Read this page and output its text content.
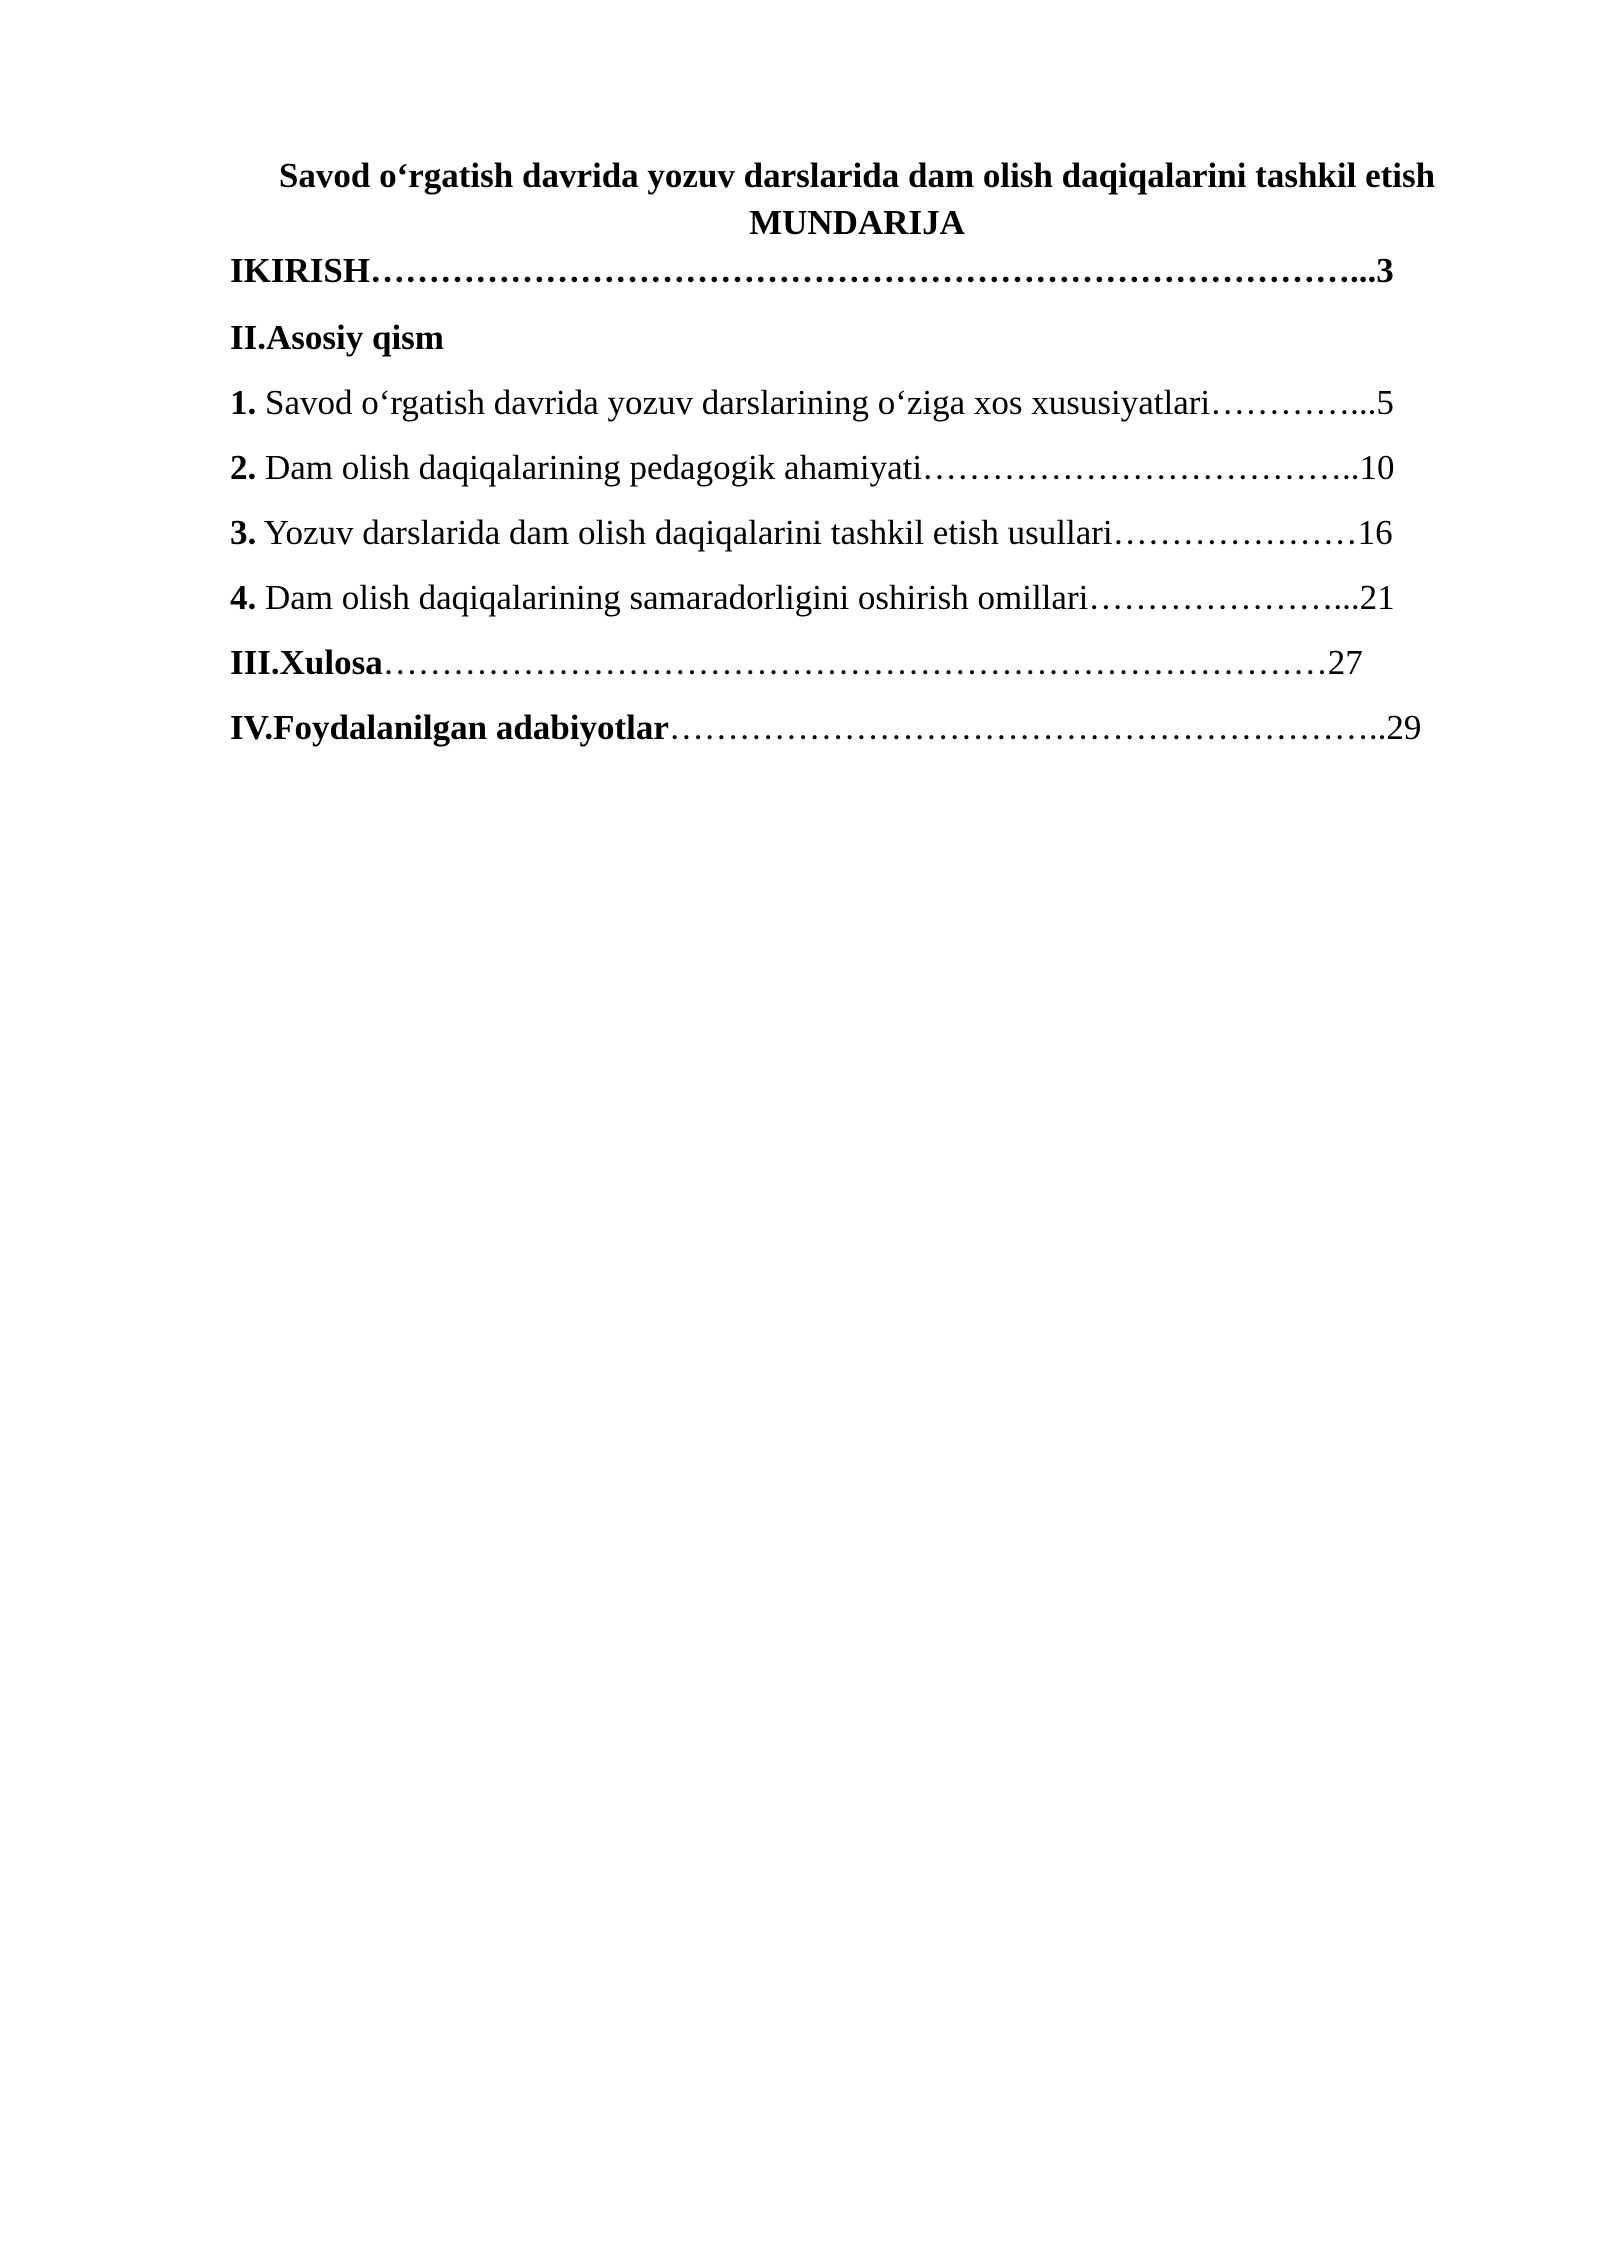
Savod o‘rgatish davrida yozuv darslarida dam olish daqiqalarini tashkil etish
MUNDARIJA
IKIRISH…………………………………………………………………………...3
II.Asosiy qism
1. Savod o‘rgatish davrida yozuv darslarining o‘ziga xos xususiyatlari…………...5
2. Dam olish daqiqalarining pedagogik ahamiyati………………………………..10
3. Yozuv darslarida dam olish daqiqalarini tashkil etish usullari…………………16
4. Dam olish daqiqalarining samaradorligini oshirish omillari…………………...21
III.Xulosa………………………………………………………………………27
IV.Foydalanilgan adabiyotlar……………………………………………………..29
